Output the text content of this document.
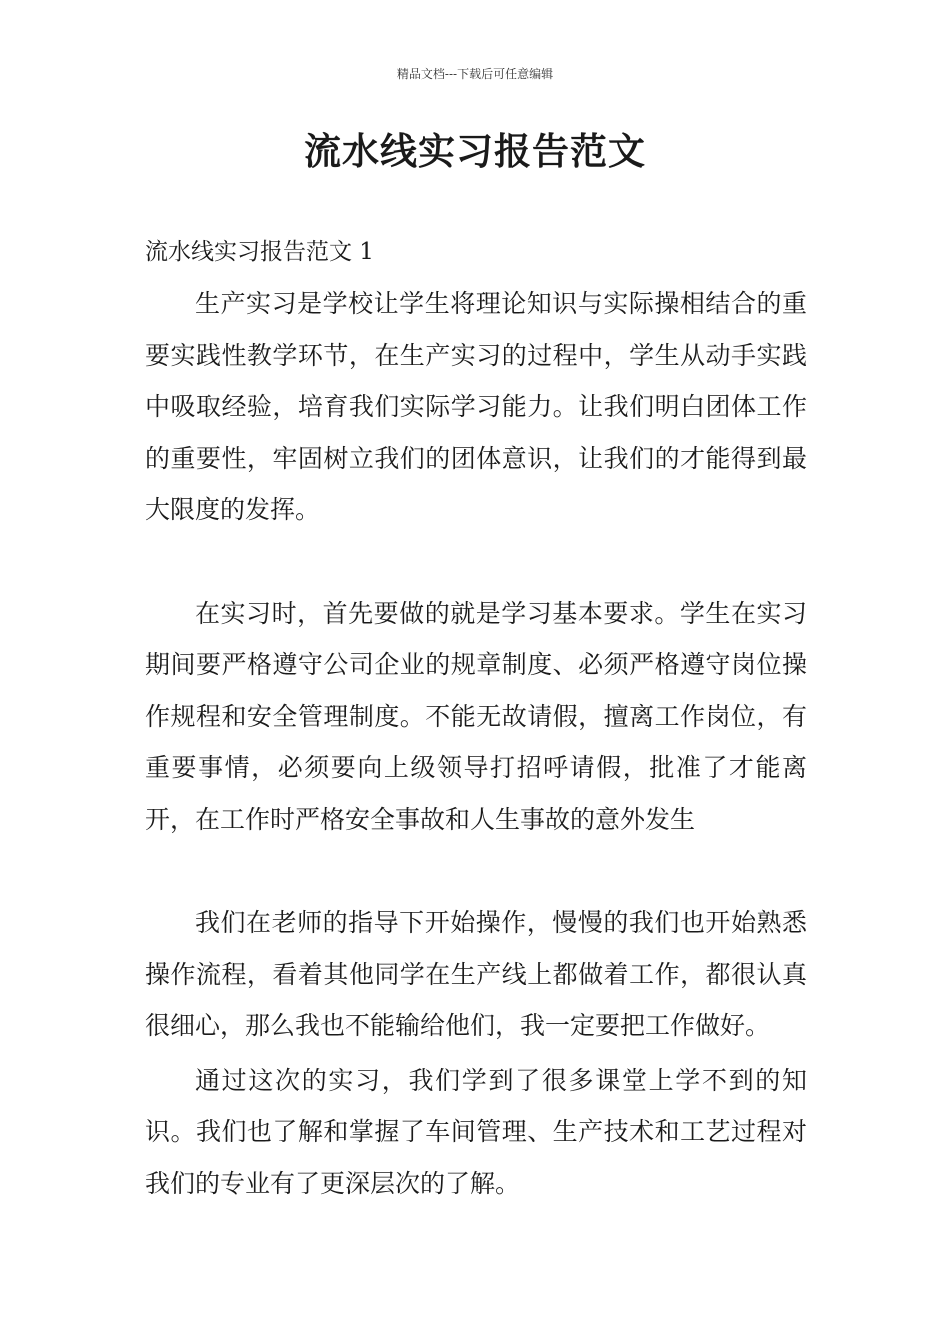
精品文档---下载后可任意编辑
流水线实习报告范文

流水线实习报告范文 1

生产实习是学校让学生将理论知识与实际操相结合的重要实践性教学环节，在生产实习的过程中，学生从动手实践中吸取经验，培育我们实际学习能力。让我们明白团体工作的重要性，牢固树立我们的团体意识，让我们的才能得到最大限度的发挥。

在实习时，首先要做的就是学习基本要求。学生在实习期间要严格遵守公司企业的规章制度、必须严格遵守岗位操作规程和安全管理制度。不能无故请假，擅离工作岗位，有重要事情，必须要向上级领导打招呼请假，批准了才能离开，在工作时严格安全事故和人生事故的意外发生

我们在老师的指导下开始操作，慢慢的我们也开始熟悉操作流程，看着其他同学在生产线上都做着工作，都很认真很细心，那么我也不能输给他们，我一定要把工作做好。

通过这次的实习，我们学到了很多课堂上学不到的知识。我们也了解和掌握了车间管理、生产技术和工艺过程对我们的专业有了更深层次的了解。
